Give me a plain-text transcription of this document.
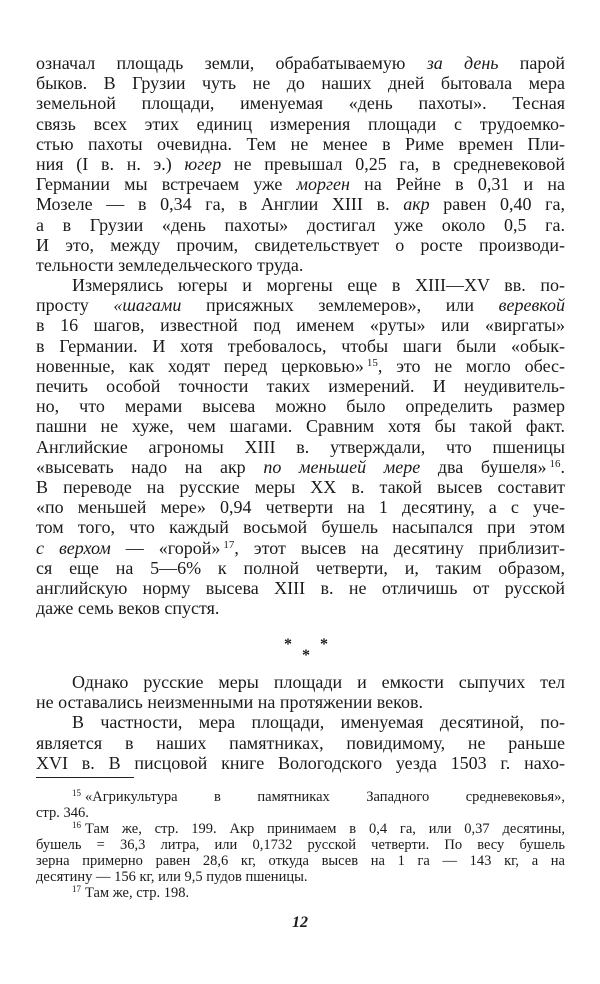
означал площадь земли, обрабатываемую за день парой
быков. В Грузии чуть не до наших дней бытовала мера
земельной площади, именуемая «день пахоты». Тесная
связь всех этих единиц измерения площади с трудоемко-
стью пахоты очевидна. Тем не менее в Риме времен Пли-
ния (I в. н. э.) югер не превышал 0,25 га, в средневековой
Германии мы встречаем уже морген на Рейне в 0,31 и на
Мозеле — в 0,34 га, в Англии XIII в. акр равен 0,40 га,
а в Грузии «день пахоты» достигал уже около 0,5 га.
И это, между прочим, свидетельствует о росте производи-
тельности земледельческого труда.
Измерялись югеры и моргены еще в XIII—XV вв. по-
просту «шагами присяжных землемеров», или веревкой
в 16 шагов, известной под именем «руты» или «виргаты»
в Германии. И хотя требовалось, чтобы шаги были «обык-
новенные, как ходят перед церковью» $^{15}$, это не могло обес-
печить особой точности таких измерений. И неудивитель-
но, что мерами высева можно было определить размер
пашни не хуже, чем шагами. Сравним хотя бы такой факт.
Английские агрономы XIII в. утверждали, что пшеницы
«высевать надо на акр по меньшей мере два бушеля» $^{16}$.
В переводе на русские меры XX в. такой высев составит
«по меньшей мере» 0,94 четверти на 1 десятину, а с уче-
том того, что каждый восьмой бушель насыпался при этом
с верхом — «горой» $^{17}$, этот высев на десятину приблизит-
ся еще на 5—6% к полной четверти, и, таким образом,
английскую норму высева XIII в. не отличишь от русской
даже семь веков спустя.
* *
*
Однако русские меры площади и емкости сыпучих тел
не оставались неизменными на протяжении веков.
В частности, мера площади, именуемая десятиной, по-
является в наших памятниках, повидимому, не раньше
XVI в. В писцовой книге Вологодского уезда 1503 г. нахо-
$^{15}$ «Агрикультура в памятниках Западного средневековья»,
стр. 346.
$^{16}$ Там же, стр. 199. Акр принимаем в 0,4 га, или 0,37 десятины,
бушель = 36,3 литра, или 0,1732 русской четверти. По весу бушель
зерна примерно равен 28,6 кг, откуда высев на 1 га — 143 кг, а на
десятину — 156 кг, или 9,5 пудов пшеницы.
$^{17}$ Там же, стр. 198.
12
